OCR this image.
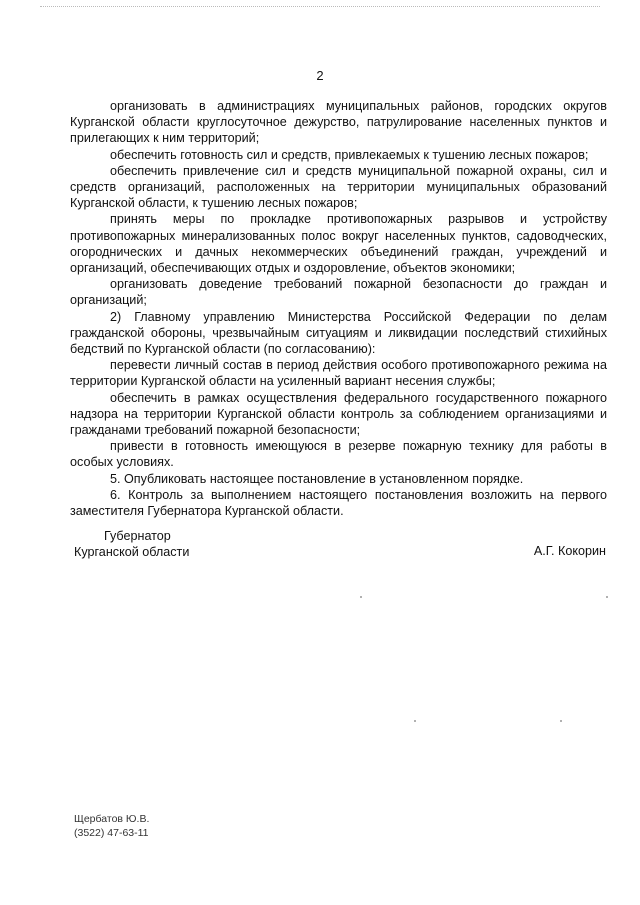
2

организовать в администрациях муниципальных районов, городских округов Курганской области круглосуточное дежурство, патрулирование населенных пунктов и прилегающих к ним территорий;

обеспечить готовность сил и средств, привлекаемых к тушению лесных пожаров;

обеспечить привлечение сил и средств муниципальной пожарной охраны, сил и средств организаций, расположенных на территории муниципальных образований Курганской области, к тушению лесных пожаров;

принять меры по прокладке противопожарных разрывов и устройству противопожарных минерализованных полос вокруг населенных пунктов, садоводческих, огороднических и дачных некоммерческих объединений граждан, учреждений и организаций, обеспечивающих отдых и оздоровление, объектов экономики;

организовать доведение требований пожарной безопасности до граждан и организаций;

2) Главному управлению Министерства Российской Федерации по делам гражданской обороны, чрезвычайным ситуациям и ликвидации последствий стихийных бедствий по Курганской области (по согласованию):

перевести личный состав в период действия особого противопожарного режима на территории Курганской области на усиленный вариант несения службы;

обеспечить в рамках осуществления федерального государственного пожарного надзора на территории Курганской области контроль за соблюдением организациями и гражданами требований пожарной безопасности;

привести в готовность имеющуюся в резерве пожарную технику для работы в особых условиях.

5. Опубликовать настоящее постановление в установленном порядке.

6. Контроль за выполнением настоящего постановления возложить на первого заместителя Губернатора Курганской области.

Губернатор
Курганской области	А.Г. Кокорин
Щербатов Ю.В.
(3522) 47-63-11
